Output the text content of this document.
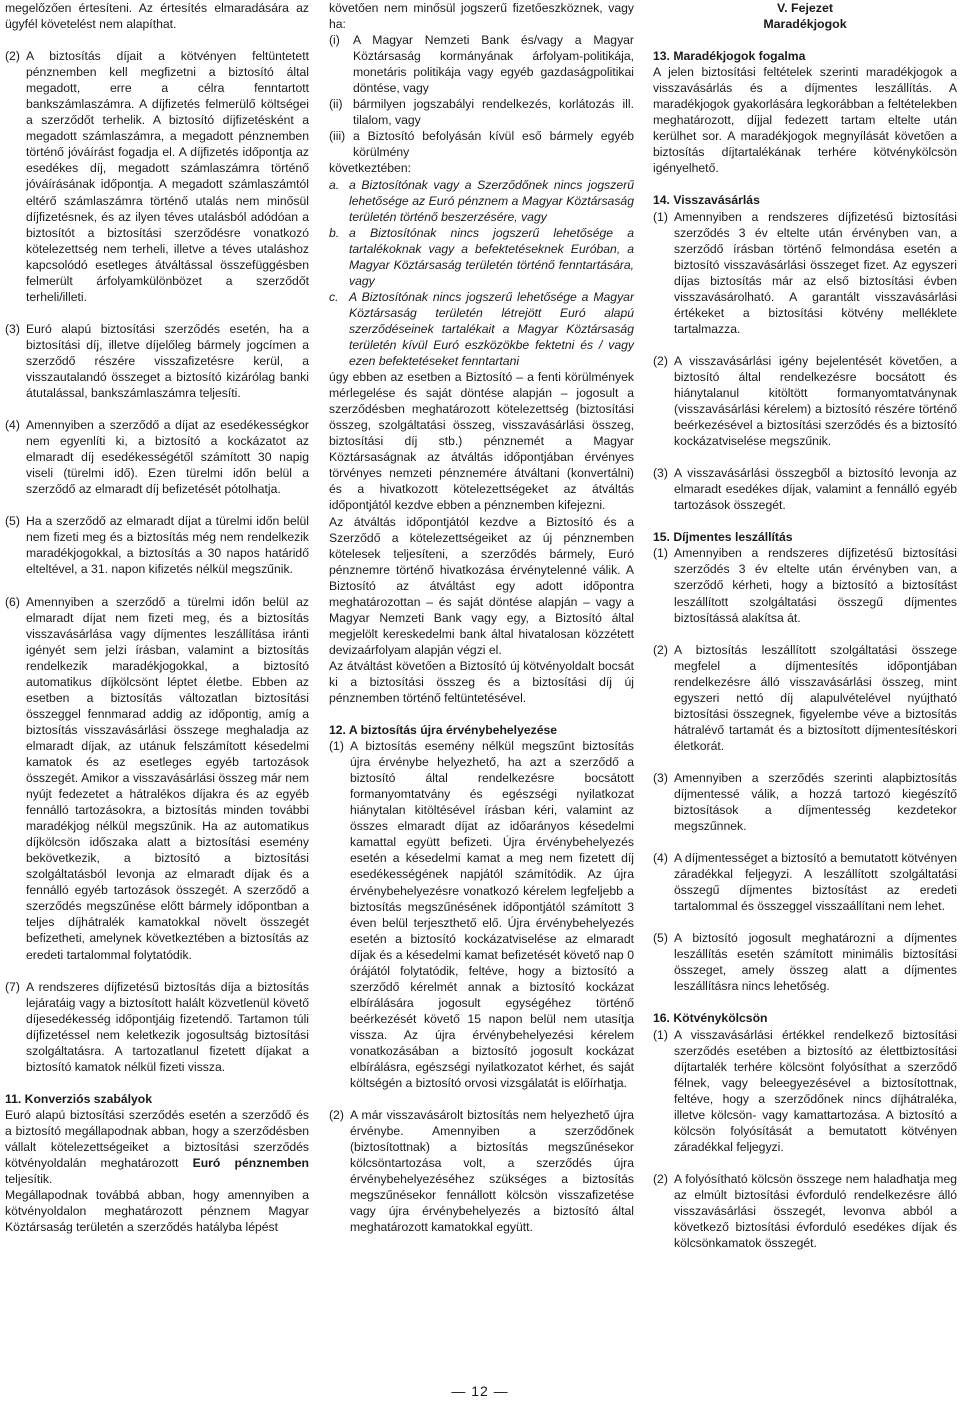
megelőzően értesíteni. Az értesítés elmaradására az ügyfél követelést nem alapíthat.

(2) A biztosítás díjait a kötvényen feltüntetett pénznemben kell megfizetni a biztosító által megadott, erre a célra fenntartott bankszámlaszámra. A díjfizetés felmerülő költségei a szerződőt terhelik. A biztosító díjfizetésként a megadott számlaszámra, a megadott pénznemben történő jóváírást fogadja el. A díjfizetés időpontja az esedékes díj, megadott számlaszámra történő jóváírásának időpontja. A megadott számlaszámtól eltérő számlaszámra történő utalás nem minősül díjfizetésnek, és az ilyen téves utalásból adódóan a biztosítót a biztosítási szerződésre vonatkozó kötelezettség nem terheli, illetve a téves utaláshoz kapcsolódó esetleges átváltással összefüggésben felmerült árfolyamkülönbözet a szerződőt terheli/illeti.
(3) Euró alapú biztosítási szerződés esetén, ha a biztosítási díj, illetve díjelőleg bármely jogcímen a szerződő részére visszafizetésre kerül, a visszautalandó összeget a biztosító kizárólag banki átutalással, bankszámlaszámra teljesíti.
(4) Amennyiben a szerződő a díjat az esedékességkor nem egyenlíti ki, a biztosító a kockázatot az elmaradt díj esedékességétől számított 30 napig viseli (türelmi idő). Ezen türelmi időn belül a szerződő az elmaradt díj befizetését pótolhatja.
(5) Ha a szerződő az elmaradt díjat a türelmi időn belül nem fizeti meg és a biztosítás még nem rendelkezik maradékjogokkal, a biztosítás a 30 napos határidő elteltével, a 31. napon kifizetés nélkül megszűnik.
(6) Amennyiben a szerződő a türelmi időn belül az elmaradt díjat nem fizeti meg, és a biztosítás visszavásárlása vagy díjmentes leszállítása iránti igényét sem jelzi írásban, valamint a biztosítás rendelkezik maradékjogokkal, a biztosító automatikus díjkölcsönt léptet életbe. Ebben az esetben a biztosítás változatlan biztosítási összeggel fennmarad addig az időpontig, amíg a biztosítás visszavásárlási összege meghaladja az elmaradt díjak, az utánuk felszámított késedelmi kamatok és az esetleges egyéb tartozások összegét. Amikor a visszavásárlási összeg már nem nyújt fedezetet a hátralékos díjakra és az egyéb fennálló tartozásokra, a biztosítás minden további maradékjog nélkül megszűnik. Ha az automatikus díjkölcsön időszaka alatt a biztosítási esemény bekövetkezik, a biztosító a biztosítási szolgáltatásból levonja az elmaradt díjak és a fennálló egyéb tartozások összegét. A szerződő a szerződés megszűnése előtt bármely időpontban a teljes díjhátralék kamatokkal növelt összegét befizetheti, amelynek következtében a biztosítás az eredeti tartalommal folytatódik.
(7) A rendszeres díjfizetésű biztosítás díja a biztosítás lejáratáig vagy a biztosított halált közvetlenül követő díjesedékesség időpontjáig fizetendő. Tartamon túli díjfizetéssel nem keletkezik jogosultság biztosítási szolgáltatásra. A tartozatlanul fizetett díjakat a biztosító kamatok nélkül fizeti vissza.
11. Konverziós szabályok

Euró alapú biztosítási szerződés esetén a szerződő és a biztosító megállapodnak abban, hogy a szerződésben vállalt kötelezettségeiket a biztosítási szerződés kötvényoldalán meghatározott Euró pénznemben teljesítik.

Megállapodnak továbbá abban, hogy amennyiben a kötvényoldalon meghatározott pénznem Magyar Köztársaság területén a szerződés hatályba lépést

követően nem minősül jogszerű fizetőeszköznek, vagy ha:

(i)	A Magyar Nemzeti Bank és/vagy a Magyar Köztársaság kormányának árfolyam-politikája, monetáris politikája vagy egyéb gazdaságpolitikai döntése, vagy
(ii) bármilyen jogszabályi rendelkezés, korlátozás ill. tilalom, vagy
(iii) a Biztosító befolyásán kívül eső bármely egyéb körülmény

következtében:

a. a Biztosítónak vagy a Szerződőnek nincs jogszerű lehetősége az Euró pénznem a Magyar Köztársaság területén történő beszerzésére, vagy
b. a Biztosítónak nincs jogszerű lehetősége a tartalékoknak vagy a befektetéseknek Euróban, a Magyar Köztársaság területén történő fenntartására, vagy
c. A Biztosítónak nincs jogszerű lehetősége a Magyar Köztársaság területén létrejött Euró alapú szerződéseinek tartalékait a Magyar Köztársaság területén kívül Euró eszközökbe fektetni és / vagy ezen befektetéseket fenntartani

úgy ebben az esetben a Biztosító – a fenti körülmények mérlegelése és saját döntése alapján – jogosult a szerződésben meghatározott kötelezettség (biztosítási összeg, szolgáltatási összeg, visszavásárlási összeg, biztosítási díj stb.) pénznemét a Magyar Köztársaságnak az átváltás időpontjában érvényes törvényes nemzeti pénznemére átváltani (konvertálni) és a hivatkozott kötelezettségeket az átváltás időpontjától kezdve ebben a pénznemben kifejezni.

Az átváltás időpontjától kezdve a Biztosító és a Szerződő a kötelezettségeiket az új pénznemben kötelesek teljesíteni, a szerződés bármely, Euró pénznemre történő hivatkozása érvénytelenné válik. A Biztosító az átváltást egy adott időpontra meghatározottan – és saját döntése alapján – vagy a Magyar Nemzeti Bank vagy egy, a Biztosító által megjelölt kereskedelmi bank által hivatalosan közzétett devizaárfolyam alapján végzi el.

Az átváltást követően a Biztosító új kötvényoldalt bocsát ki a biztosítási összeg és a biztosítási díj új pénznemben történő feltüntetésével.

12. A biztosítás újra érvénybehelyezése
(1) A biztosítás esemény nélkül megszűnt biztosítás újra érvénybe helyezhető, ha azt a szerződő a biztosító által rendelkezésre bocsátott formanyomtatvány és egészségi nyilatkozat hiánytalan kitöltésével írásban kéri, valamint az összes elmaradt díjat az időarányos késedelmi kamattal együtt befizeti. Újra érvénybehelyezés esetén a késedelmi kamat a meg nem fizetett díj esedékességének napjától számítódik. Az újra érvénybehelyezésre vonatkozó kérelem legfeljebb a biztosítás megszűnésének időpontjától számított 3 éven belül terjeszthető elő. Újra érvénybehelyezés esetén a biztosító kockázatviselése az elmaradt díjak és a késedelmi kamat befizetését követő nap 0 órájától folytatódik, feltéve, hogy a biztosító a szerződő kérelmét annak a biztosító kockázat elbírálására jogosult egységéhez történő beérkezését követő 15 napon belül nem utasítja vissza. Az újra érvénybehelyezési kérelem vonatkozásában a biztosító jogosult kockázat elbírálásra, egészségi nyilatkozatot kérhet, és saját költségén a biztosító orvosi vizsgálatát is előírhatja.
(2) A már visszavásárolt biztosítás nem helyezhető újra érvénybe. Amennyiben a szerződőnek (biztosítottnak) a biztosítás megszűnésekor kölcsöntartozása volt, a szerződés újra érvénybehelyezéséhez szükséges a biztosítás megszűnésekor fennállott kölcsön visszafizetése vagy újra érvénybehelyezés a biztosító által meghatározott kamatokkal együtt.
V. Fejezet
Maradékjogok
13. Maradékjogok fogalma

A jelen biztosítási feltételek szerinti maradékjogok a visszavásárlás és a díjmentes leszállítás. A maradékjogok gyakorlására legkorábban a feltételekben meghatározott, díjjal fedezett tartam eltelte után kerülhet sor. A maradékjogok megnyílását követően a biztosítás díjtartalékának terhére kötvénykölcsön igényelhető.

14. Visszavásárlás
(1) Amennyiben a rendszeres díjfizetésű biztosítási szerződés 3 év eltelte után érvényben van, a szerződő írásban történő felmondása esetén a biztosító visszavásárlási összeget fizet. Az egyszeri díjas biztosítás már az első biztosítási évben visszavásárolható. A garantált visszavásárlási értékeket a biztosítási kötvény melléklete tartalmazza.
(2) A visszavásárlási igény bejelentését követően, a biztosító által rendelkezésre bocsátott és hiánytalanul kitöltött formanyomtatványnak (visszavásárlási kérelem) a biztosító részére történő beérkezésével a biztosítási szerződés és a biztosító kockázatviselése megszűnik.
(3) A visszavásárlási összegből a biztosító levonja az elmaradt esedékes díjak, valamint a fennálló egyéb tartozások összegét.
15. Díjmentes leszállítás
(1) Amennyiben a rendszeres díjfizetésű biztosítási szerződés 3 év eltelte után érvényben van, a szerződő kérheti, hogy a biztosító a biztosítást leszállított szolgáltatási összegű díjmentes biztosítássá alakítsa át.
(2) A biztosítás leszállított szolgáltatási összege megfelel a díjmentesítés időpontjában rendelkezésre álló visszavásárlási összeg, mint egyszeri nettó díj alapulvételével nyújtható biztosítási összegnek, figyelembe véve a biztosítás hátralévő tartamát és a biztosított díjmentesítéskori életkorát.
(3) Amennyiben a szerződés szerinti alapbiztosítás díjmentessé válik, a hozzá tartozó kiegészítő biztosítások a díjmentesség kezdetekor megszűnnek.
(4) A díjmentességet a biztosító a bemutatott kötvényen záradékkal feljegyzi. A leszállított szolgáltatási összegű díjmentes biztosítást az eredeti tartalommal és összeggel visszaállítani nem lehet.
(5) A biztosító jogosult meghatározni a díjmentes leszállítás esetén számított minimális biztosítási összeget, amely összeg alatt a díjmentes leszállításra nincs lehetőség.
16. Kötvénykölcsön
(1) A visszavásárlási értékkel rendelkező biztosítási szerződés esetében a biztosító az élettbiztosítási díjtartalék terhére kölcsönt folyósíthat a szerződő félnek, vagy beleegyezésével a biztosítottnak, feltéve, hogy a szerződőnek nincs díjhátraléka, illetve kölcsön- vagy kamattartozása. A biztosító a kölcsön folyósítását a bemutatott kötvényen záradékkal feljegyzi.
(2) A folyósítható kölcsön összege nem haladhatja meg az elmúlt biztosítási évforduló rendelkezésre álló visszavásárlási összegét, levonva abból a következő biztosítási évforduló esedékes díjak és kölcsönkamatok összegét.
— 12 —
